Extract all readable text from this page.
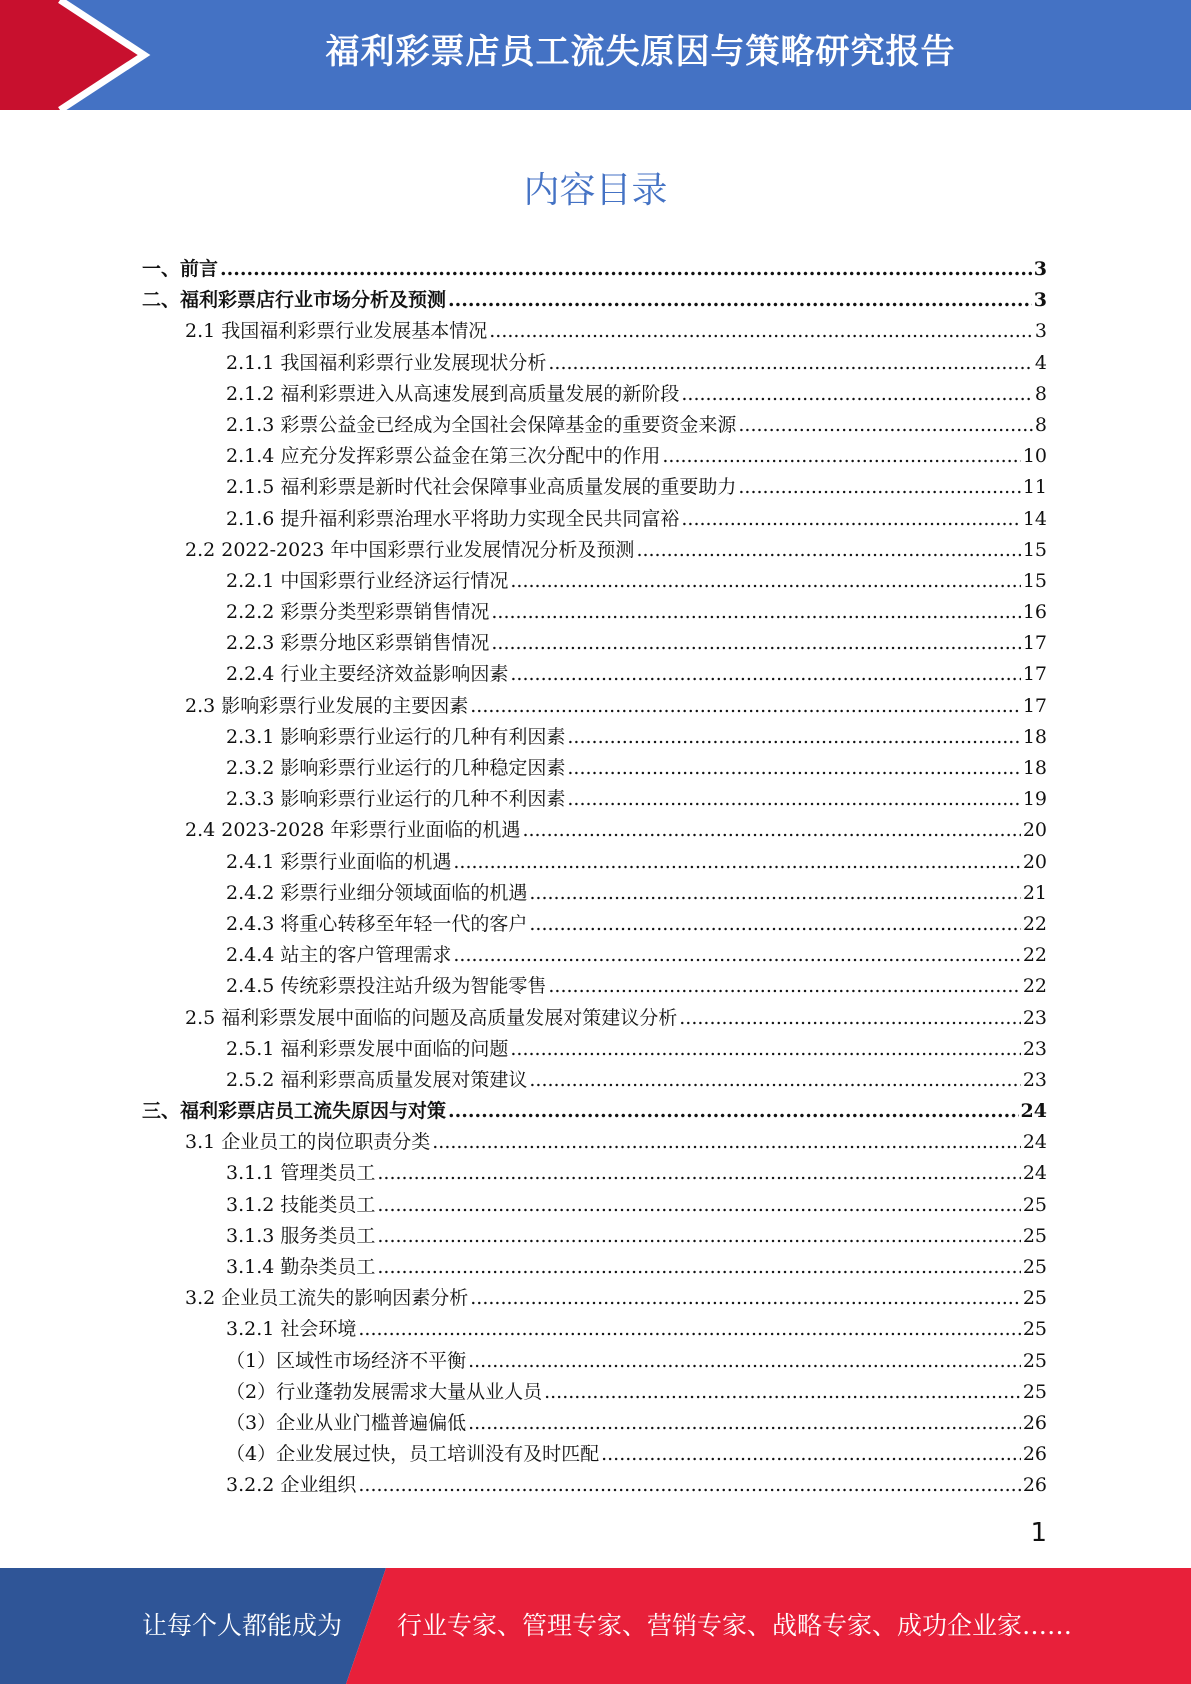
福利彩票店员工流失原因与策略研究报告
内容目录
一、前言 .....	3
二、福利彩票店行业市场分析及预测 .....	3
2.1 我国福利彩票行业发展基本情况 .....	3
2.1.1 我国福利彩票行业发展现状分析 .....	4
2.1.2 福利彩票进入从高速发展到高质量发展的新阶段 .....	8
2.1.3 彩票公益金已经成为全国社会保障基金的重要资金来源 .....	8
2.1.4 应充分发挥彩票公益金在第三次分配中的作用 .....	10
2.1.5 福利彩票是新时代社会保障事业高质量发展的重要助力 .....	11
2.1.6 提升福利彩票治理水平将助力实现全民共同富裕 .....	14
2.2 2022-2023 年中国彩票行业发展情况分析及预测 .....	15
2.2.1 中国彩票行业经济运行情况 .....	15
2.2.2 彩票分类型彩票销售情况 .....	16
2.2.3 彩票分地区彩票销售情况 .....	17
2.2.4 行业主要经济效益影响因素 .....	17
2.3 影响彩票行业发展的主要因素 .....	17
2.3.1 影响彩票行业运行的几种有利因素 .....	18
2.3.2 影响彩票行业运行的几种稳定因素 .....	18
2.3.3 影响彩票行业运行的几种不利因素 .....	19
2.4 2023-2028 年彩票行业面临的机遇 .....	20
2.4.1 彩票行业面临的机遇 .....	20
2.4.2 彩票行业细分领域面临的机遇 .....	21
2.4.3 将重心转移至年轻一代的客户 .....	22
2.4.4 站主的客户管理需求 .....	22
2.4.5 传统彩票投注站升级为智能零售 .....	22
2.5 福利彩票发展中面临的问题及高质量发展对策建议分析 .....	23
2.5.1 福利彩票发展中面临的问题 .....	23
2.5.2 福利彩票高质量发展对策建议 .....	23
三、福利彩票店员工流失原因与对策 .....	24
3.1 企业员工的岗位职责分类 .....	24
3.1.1 管理类员工 .....	24
3.1.2 技能类员工 .....	25
3.1.3 服务类员工 .....	25
3.1.4 勤杂类员工 .....	25
3.2 企业员工流失的影响因素分析 .....	25
3.2.1 社会环境 .....	25
（1）区域性市场经济不平衡 .....	25
（2）行业蓬勃发展需求大量从业人员 .....	25
（3）企业从业门槛普遍偏低 .....	26
（4）企业发展过快，员工培训没有及时匹配 .....	26
3.2.2 企业组织 .....	26
1
让每个人都能成为 行业专家、管理专家、营销专家、战略专家、成功企业家……
